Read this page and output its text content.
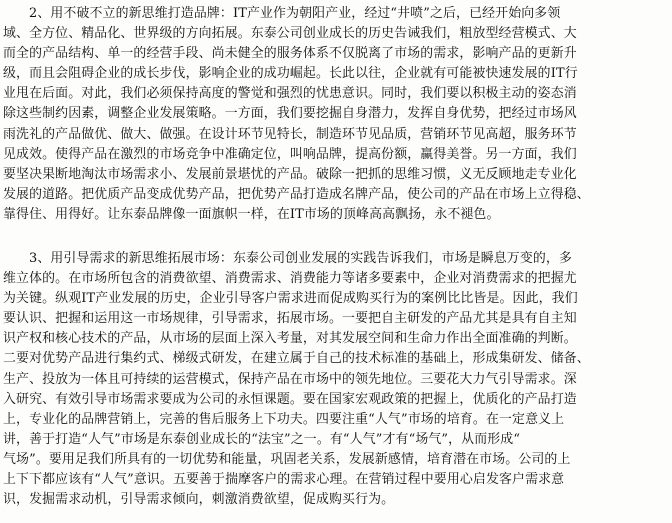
2、用不破不立的新思维打造品牌：IT产业作为朝阳产业，经过“井喷”之后，已经开始向多领
域、全方位、精品化、世界级的方向拓展。东泰公司创业成长的历史告诫我们，粗放型经营模式、大
而全的产品结构、单一的经营手段、尚未健全的服务体系不仅脱离了市场的需求，影响产品的更新升
级，而且会阻碍企业的成长步伐，影响企业的成功崛起。长此以往，企业就有可能被快速发展的IT行
业甩在后面。对此，我们必须保持高度的警觉和强烈的忧患意识。同时，我们要以积极主动的姿态消
除这些制约因素，调整企业发展策略。一方面，我们要挖掘自身潜力，发挥自身优势，把经过市场风
雨洗礼的产品做优、做大、做强。在设计环节见特长，制造环节见品质，营销环节见高超，服务环节
见成效。使得产品在激烈的市场竞争中准确定位，叫响品牌，提高份额，赢得美誉。另一方面，我们
要坚决果断地淘汰市场需求小、发展前景堪忧的产品。破除一把抓的思维习惯，义无反顾地走专业化
发展的道路。把优质产品变成优势产品，把优势产品打造成名牌产品，使公司的产品在市场上立得稳、
靠得住、用得好。让东泰品牌像一面旗帜一样，在IT市场的顶峰高高飘扬，永不褪色。
3、用引导需求的新思维拓展市场：东泰公司创业发展的实践告诉我们，市场是瞬息万变的，多
维立体的。在市场所包含的消费欲望、消费需求、消费能力等诸多要素中，企业对消费需求的把握尤
为关键。纵观IT产业发展的历史，企业引导客户需求进而促成购买行为的案例比比皆是。因此，我们
要认识、把握和运用这一市场规律，引导需求，拓展市场。一要把自主研发的产品尤其是具有自主知
识产权和核心技术的产品，从市场的层面上深入考量，对其发展空间和生命力作出全面准确的判断。
二要对优势产品进行集约式、梯级式研发，在建立属于自己的技术标准的基础上，形成集研发、储备、
生产、投放为一体且可持续的运营模式，保持产品在市场中的领先地位。三要花大力气引导需求。深
入研究、有效引导市场需求要成为公司的永恒课题。要在国家宏观政策的把握上，优质化的产品打造
上，专业化的品牌营销上，完善的售后服务上下功夫。四要注重“人气”市场的培育。在一定意义上
讲，善于打造“人气”市场是东泰创业成长的“法宝”之一。有“人气”才有“场气”，从而形成“
气场”。要用足我们所具有的一切优势和能量，巩固老关系，发展新感情，培育潜在市场。公司的上
上下下都应该有“人气”意识。五要善于揣摩客户的需求心理。在营销过程中要用心启发客户需求意
识，发掘需求动机，引导需求倾向，刺激消费欲望，促成购买行为。
